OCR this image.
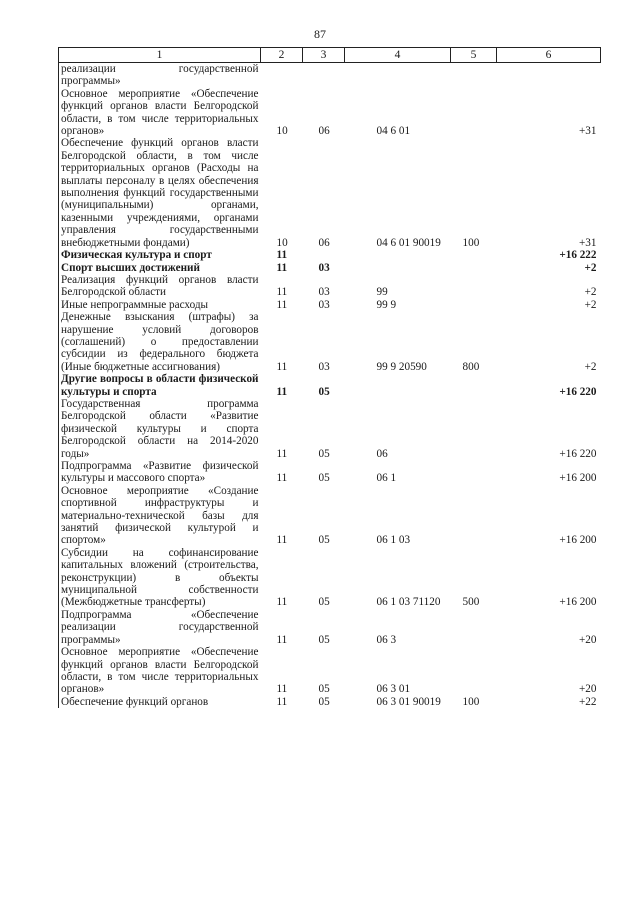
87
1	2	3	4	5	6
реализации государственной программы»					
Основное мероприятие «Обеспечение функций органов власти Белгородской области, в том числе территориальных органов»	10	06	04 6 01		+31
Обеспечение функций органов власти Белгородской области, в том числе территориальных органов (Расходы на выплаты персоналу в целях обеспечения выполнения функций государственными (муниципальными) органами, казенными учреждениями, органами управления государственными внебюджетными фондами)	10	06	04 6 01 90019	100	+31
Физическая культура и спорт	11				+16 222
Спорт высших достижений	11	03			+2
Реализация функций органов власти Белгородской области	11	03	99		+2
Иные непрограммные расходы	11	03	99 9		+2
Денежные взыскания (штрафы) за нарушение условий договоров (соглашений) о предоставлении субсидии из федерального бюджета (Иные бюджетные ассигнования)	11	03	99 9 20590	800	+2
Другие вопросы в области физической культуры и спорта	11	05			+16 220
Государственная программа Белгородской области «Развитие физической культуры и спорта Белгородской области на 2014-2020 годы»	11	05	06		+16 220
Подпрограмма «Развитие физической культуры и массового спорта»	11	05	06 1		+16 200
Основное мероприятие «Создание спортивной инфраструктуры и материально-технической базы для занятий физической культурой и спортом»	11	05	06 1 03		+16 200
Субсидии на софинансирование капитальных вложений (строительства, реконструкции) в объекты муниципальной собственности (Межбюджетные трансферты)	11	05	06 1 03 71120	500	+16 200
Подпрограмма «Обеспечение реализации государственной программы»	11	05	06 3		+20
Основное мероприятие «Обеспечение функций органов власти Белгородской области, в том числе территориальных органов»	11	05	06 3 01		+20
Обеспечение функций органов	11	05	06 3 01 90019	100	+22
